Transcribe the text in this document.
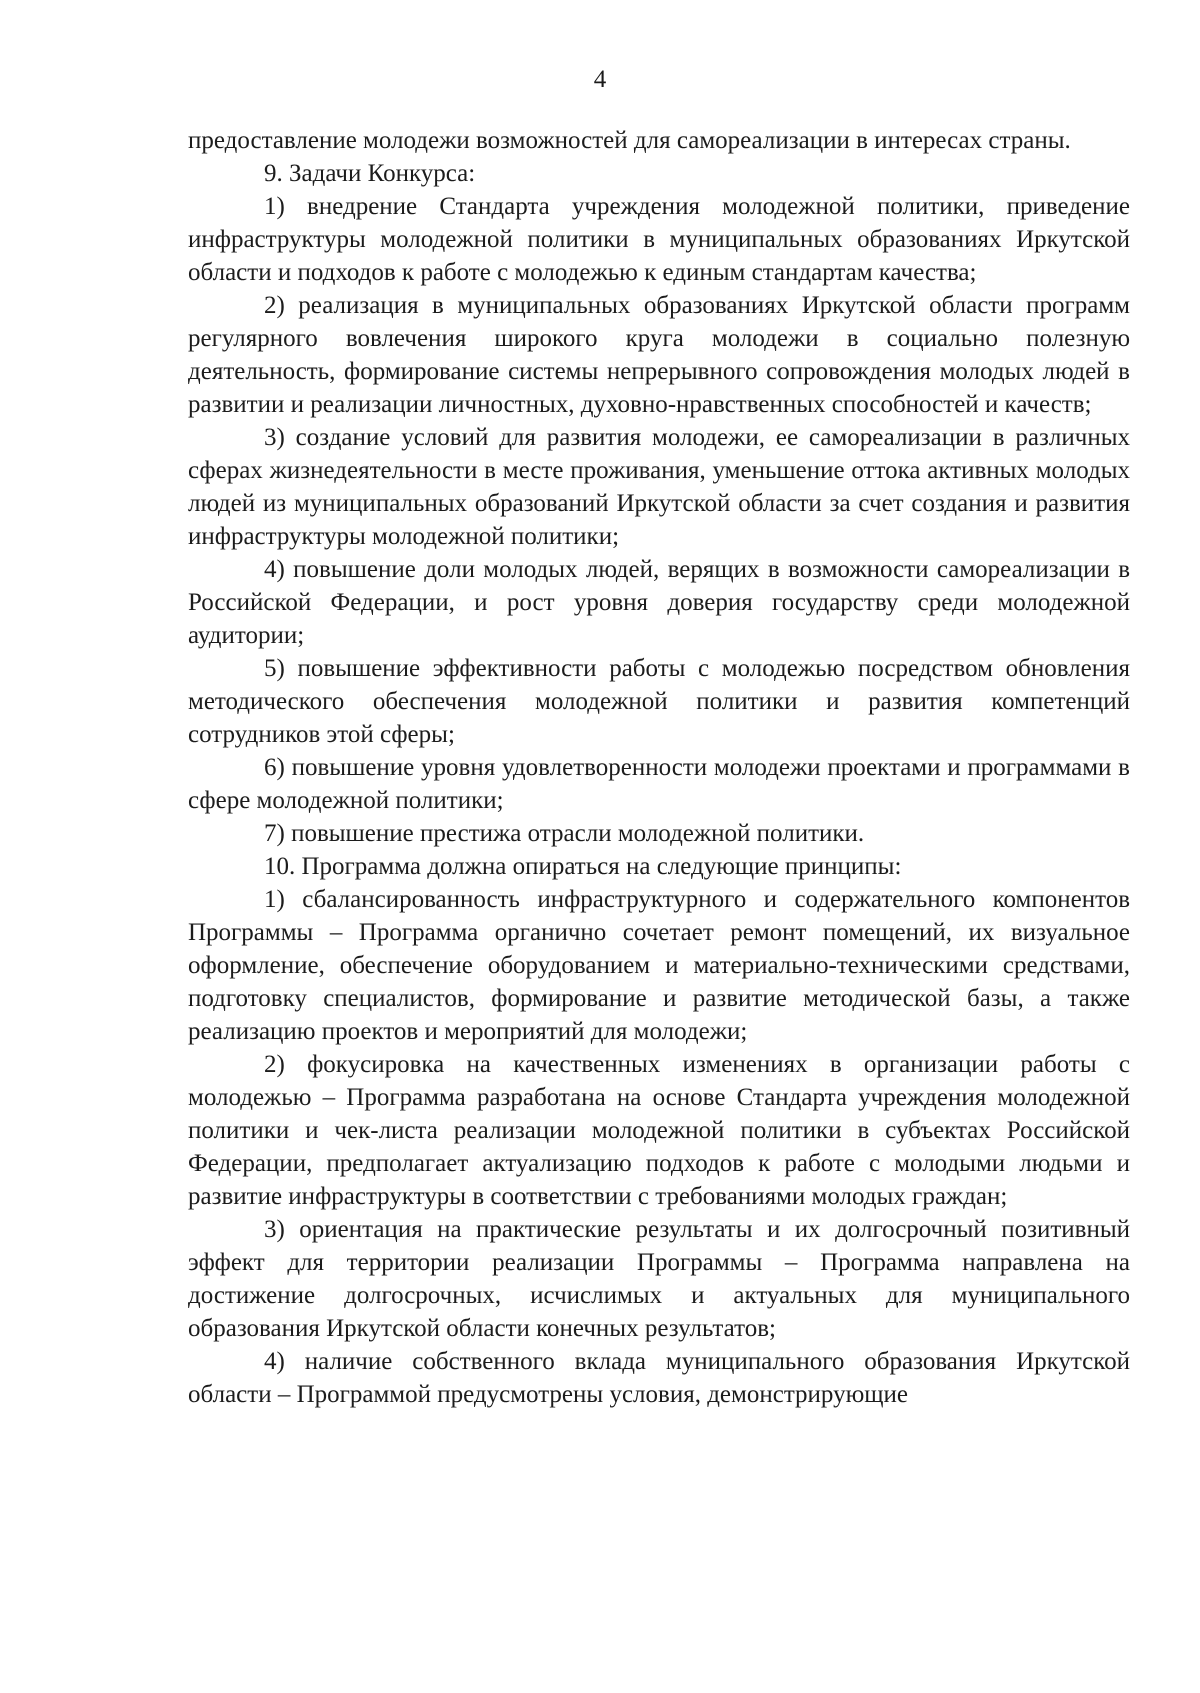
4

предоставление молодежи возможностей для самореализации в интересах страны.

9. Задачи Конкурса:

1) внедрение Стандарта учреждения молодежной политики, приведение инфраструктуры молодежной политики в муниципальных образованиях Иркутской области и подходов к работе с молодежью к единым стандартам качества;

2) реализация в муниципальных образованиях Иркутской области программ регулярного вовлечения широкого круга молодежи в социально полезную деятельность, формирование системы непрерывного сопровождения молодых людей в развитии и реализации личностных, духовно-нравственных способностей и качеств;

3) создание условий для развития молодежи, ее самореализации в различных сферах жизнедеятельности в месте проживания, уменьшение оттока активных молодых людей из муниципальных образований Иркутской области за счет создания и развития инфраструктуры молодежной политики;

4) повышение доли молодых людей, верящих в возможности самореализации в Российской Федерации, и рост уровня доверия государству среди молодежной аудитории;

5) повышение эффективности работы с молодежью посредством обновления методического обеспечения молодежной политики и развития компетенций сотрудников этой сферы;

6) повышение уровня удовлетворенности молодежи проектами и программами в сфере молодежной политики;

7) повышение престижа отрасли молодежной политики.

10. Программа должна опираться на следующие принципы:

1) сбалансированность инфраструктурного и содержательного компонентов Программы – Программа органично сочетает ремонт помещений, их визуальное оформление, обеспечение оборудованием и материально-техническими средствами, подготовку специалистов, формирование и развитие методической базы, а также реализацию проектов и мероприятий для молодежи;

2) фокусировка на качественных изменениях в организации работы с молодежью – Программа разработана на основе Стандарта учреждения молодежной политики и чек-листа реализации молодежной политики в субъектах Российской Федерации, предполагает актуализацию подходов к работе с молодыми людьми и развитие инфраструктуры в соответствии с требованиями молодых граждан;

3) ориентация на практические результаты и их долгосрочный позитивный эффект для территории реализации Программы – Программа направлена на достижение долгосрочных, исчислимых и актуальных для муниципального образования Иркутской области конечных результатов;

4) наличие собственного вклада муниципального образования Иркутской области – Программой предусмотрены условия, демонстрирующие
